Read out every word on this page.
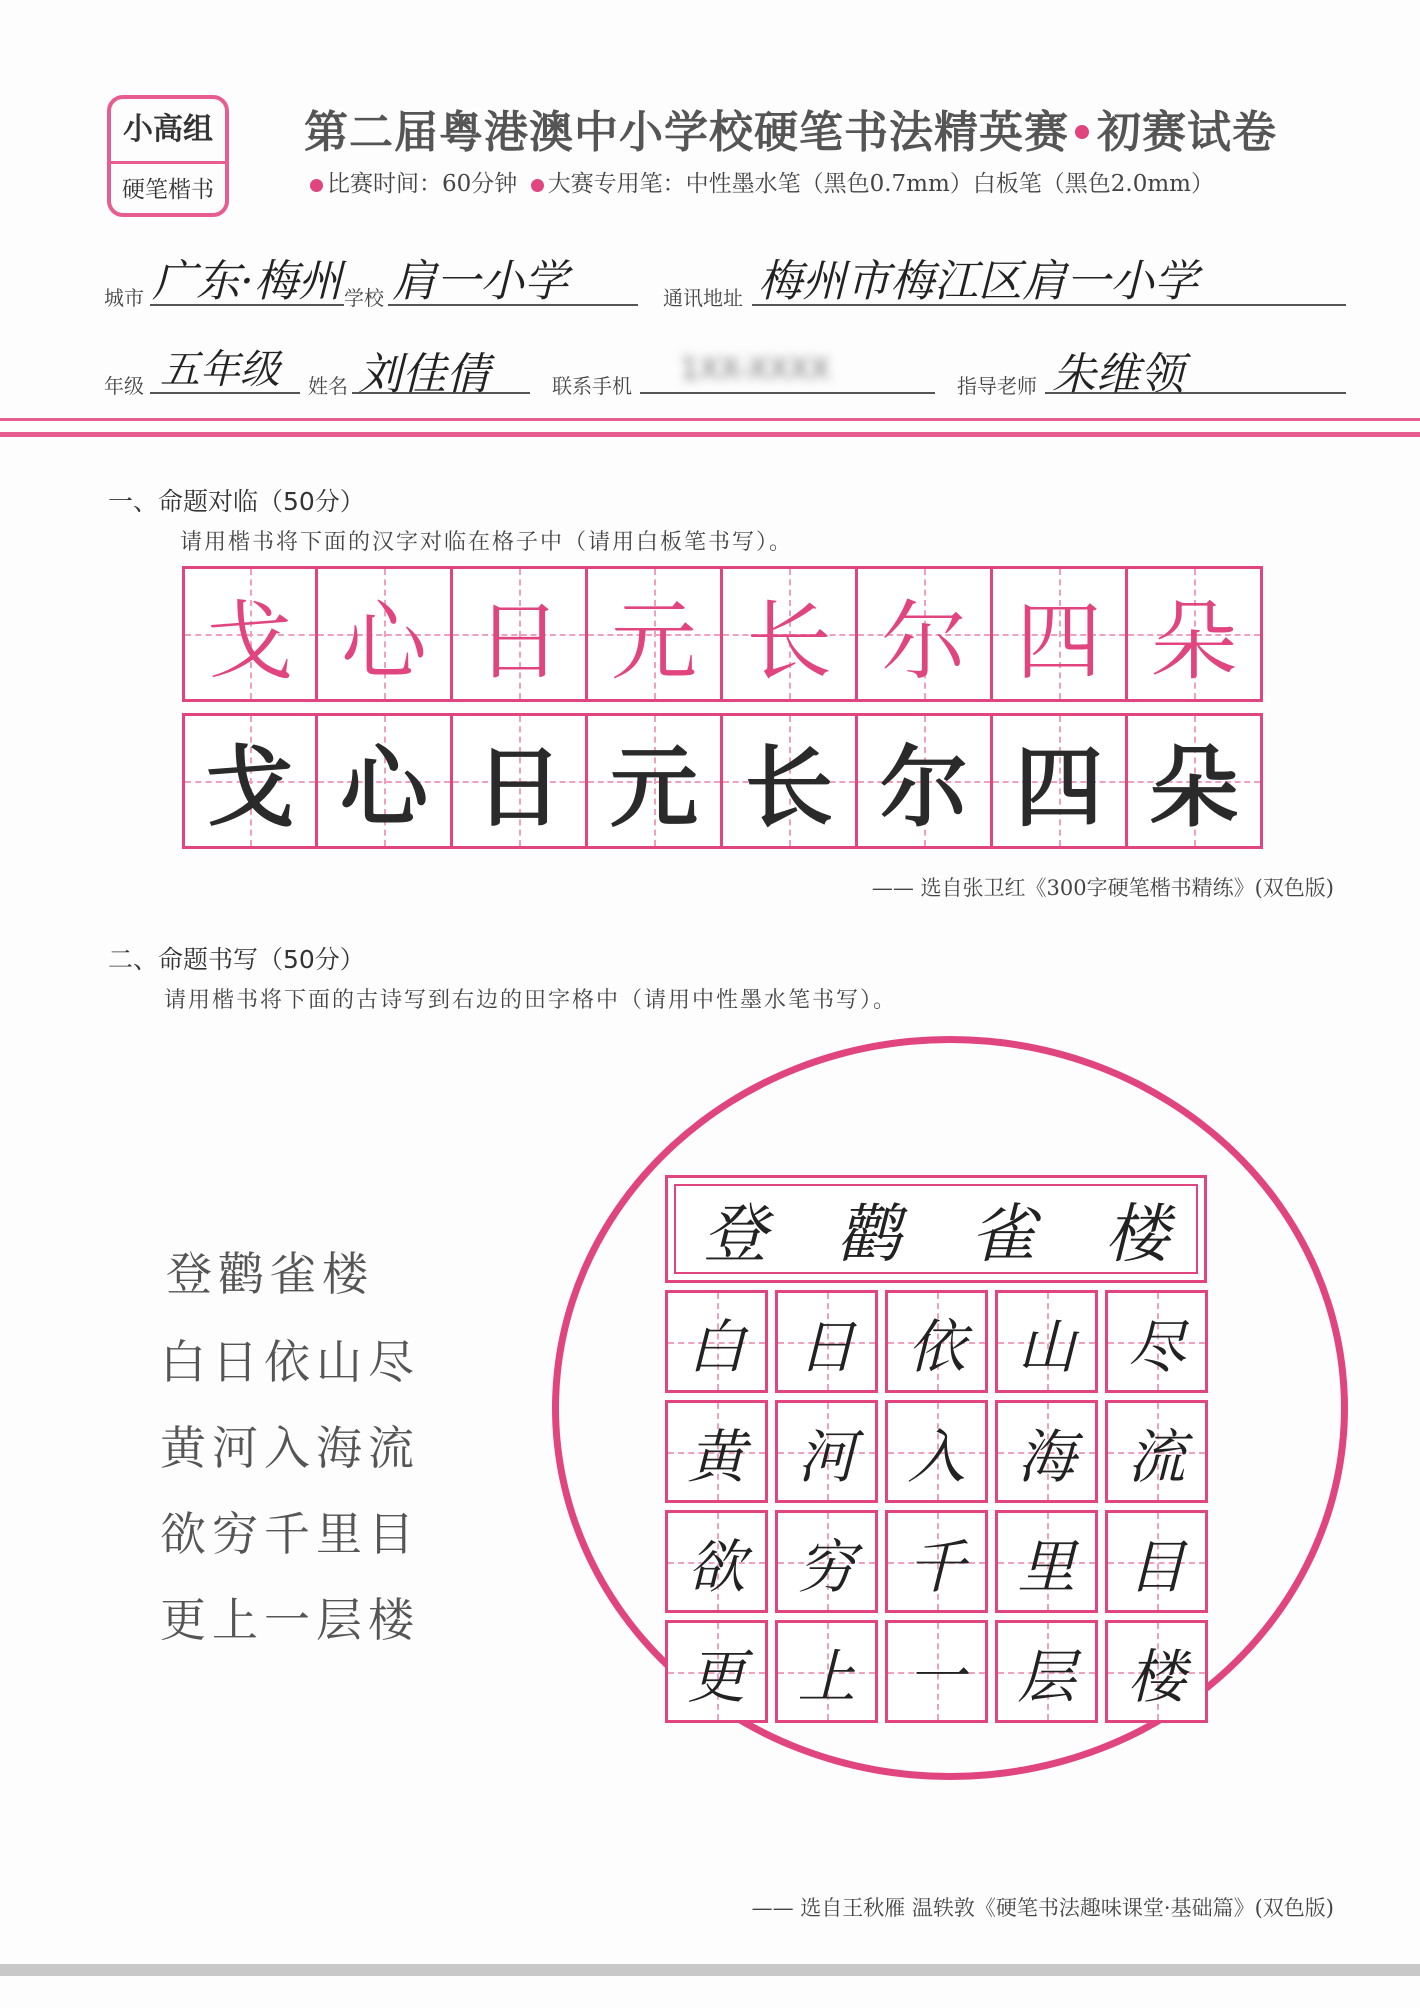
小高组
硬笔楷书
第二届粤港澳中小学校硬笔书法精英赛 初赛试卷
比赛时间：60分钟 大赛专用笔：中性墨水笔（黑色0.7mm）白板笔（黑色2.0mm）
城市 广东·梅州 学校 肩一小学	通讯地址 梅州市梅江区肩一小学
年级 五年级 姓名 刘佳倩	联系手机 1XX-XXXX	指导老师 朱维领
一、命题对临（50分）
请用楷书将下面的汉字对临在格子中（请用白板笔书写）。
戈 心 日 元 长 尔 四 朵
戈 心 日 元 长 尔 四 朵
—— 选自张卫红《300字硬笔楷书精练》(双色版)
二、命题书写（50分）
请用楷书将下面的古诗写到右边的田字格中（请用中性墨水笔书写）。
登鹳雀楼
白日依山尽
黄河入海流
欲穷千里目
更上一层楼
登 鹳 雀 楼
白 日 依 山 尽
黄 河 入 海 流
欲 穷 千 里 目
更 上 一 层 楼
—— 选自王秋雁 温轶敦《硬笔书法趣味课堂·基础篇》(双色版)
